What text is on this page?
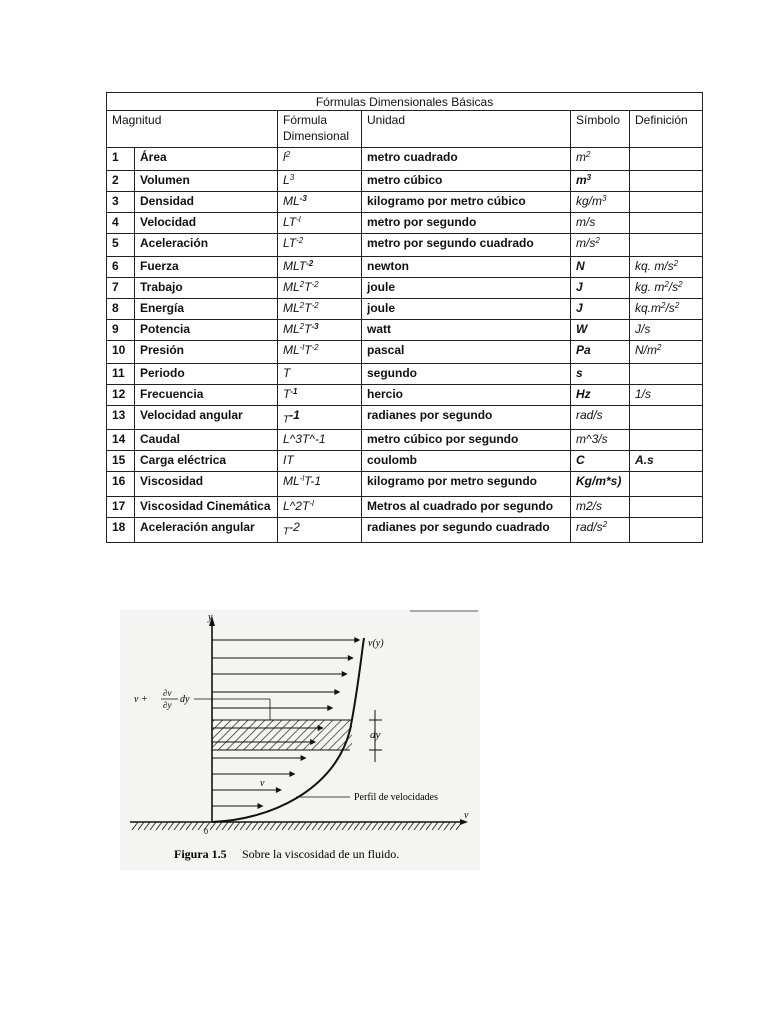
Fórmulas Dimensionales Básicas					
Magnitud		Fórmula Dimensional	Unidad	Símbolo	Definición
1	Área	$l^2$	metro cuadrado	$m^2$	
2	Volumen	$L^3$	metro cúbico	$m^3$	
3	Densidad	$ML^{-3}$	kilogramo por metro cúbico	$kg/m^3$	
4	Velocidad	$LT^{-l}$	metro por segundo	m/s	
5	Aceleración	$LT^{-2}$	metro por segundo cuadrado	$m/s^2$	
6	Fuerza	$MLT^{-2}$	newton	N	kq. $m/s^2$
7	Trabajo	$ML^2T^{-2}$	joule	J	kg. $m^2/s^2$
8	Energía	$ML^2T^{-2}$	joule	J	$kq.m^2/s^2$
9	Potencia	$ML^2T^{-3}$	watt	W	J/s
10	Presión	$ML^{-l}T^{-2}$	pascal	Pa	$N/m^2$
11	Periodo	T	segundo	s	
12	Frecuencia	$T^{-1}$	hercio	Hz	1/s
13	Velocidad angular	$_T$-1	radianes por segundo	rad/s	
14	Caudal	L^3T^-1	metro cúbico por segundo	m^3/s	
15	Carga eléctrica	IT	coulomb	C	A.s
16	Viscosidad	$ML^{-l}T-1$	kilogramo por metro segundo	Kg/m*s)	
17	Viscosidad Cinemática	$L\^{}2T^{-l}$	Metros al cuadrado por segundo	m2/s	
18	Aceleración angular	$_T$-2	radianes por segundo cuadrado	rad/$s^2$	
dy
y
v
v(y)
v +
∂v
∂y dy
v
0
Perfil de velocidades
Figura 1.5 Sobre la viscosidad de un fluido.
